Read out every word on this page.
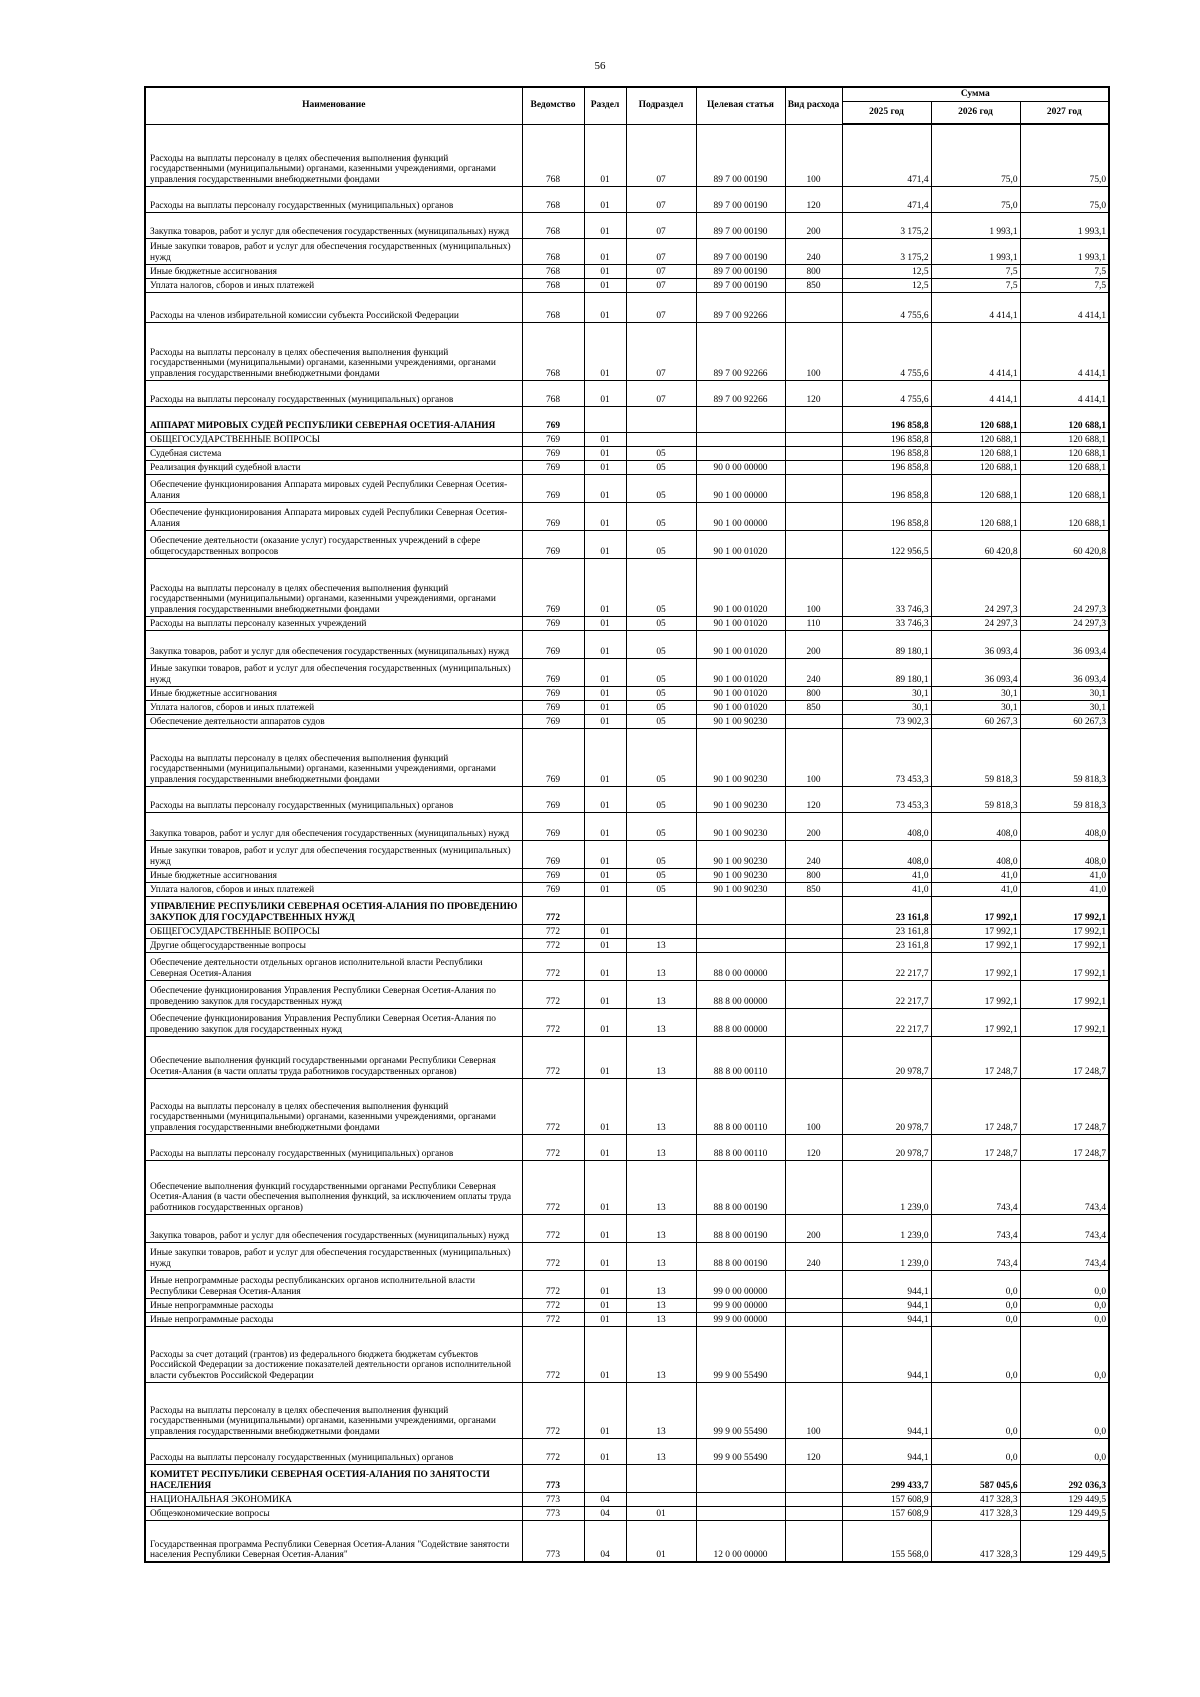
56
Наименование	Ведомство	Раздел	Подраздел	Целевая статья	Вид расхода	Сумма		
						2025 год	2026 год	2027 год
Расходы на выплаты персоналу в целях обеспечения выполнения функций государственными (муниципальными) органами, казенными учреждениями, органами управления государственными внебюджетными фондами	768	01	07	89 7 00 00190	100	471,4	75,0	75,0
Расходы на выплаты персоналу государственных (муниципальных) органов	768	01	07	89 7 00 00190	120	471,4	75,0	75,0
Закупка товаров, работ и услуг для обеспечения государственных (муниципальных) нужд	768	01	07	89 7 00 00190	200	3 175,2	1 993,1	1 993,1
Иные закупки товаров, работ и услуг для обеспечения государственных (муниципальных) нужд	768	01	07	89 7 00 00190	240	3 175,2	1 993,1	1 993,1
Иные бюджетные ассигнования	768	01	07	89 7 00 00190	800	12,5	7,5	7,5
Уплата налогов, сборов и иных платежей	768	01	07	89 7 00 00190	850	12,5	7,5	7,5
Расходы на членов избирательной комиссии субъекта Российской Федерации	768	01	07	89 7 00 92266		4 755,6	4 414,1	4 414,1
Расходы на выплаты персоналу в целях обеспечения выполнения функций государственными (муниципальными) органами, казенными учреждениями, органами управления государственными внебюджетными фондами	768	01	07	89 7 00 92266	100	4 755,6	4 414,1	4 414,1
Расходы на выплаты персоналу государственных (муниципальных) органов	768	01	07	89 7 00 92266	120	4 755,6	4 414,1	4 414,1
АППАРАТ МИРОВЫХ СУДЕЙ РЕСПУБЛИКИ СЕВЕРНАЯ ОСЕТИЯ-АЛАНИЯ	769					196 858,8	120 688,1	120 688,1
ОБЩЕГОСУДАРСТВЕННЫЕ ВОПРОСЫ	769	01				196 858,8	120 688,1	120 688,1
Судебная система	769	01	05			196 858,8	120 688,1	120 688,1
Реализация функций судебной власти	769	01	05	90 0 00 00000		196 858,8	120 688,1	120 688,1
Обеспечение функционирования Аппарата мировых судей Республики Северная Осетия-Алания	769	01	05	90 1 00 00000		196 858,8	120 688,1	120 688,1
Обеспечение функционирования Аппарата мировых судей Республики Северная Осетия-Алания	769	01	05	90 1 00 00000		196 858,8	120 688,1	120 688,1
Обеспечение деятельности (оказание услуг) государственных учреждений в сфере общегосударственных вопросов	769	01	05	90 1 00 01020		122 956,5	60 420,8	60 420,8
Расходы на выплаты персоналу в целях обеспечения выполнения функций государственными (муниципальными) органами, казенными учреждениями, органами управления государственными внебюджетными фондами	769	01	05	90 1 00 01020	100	33 746,3	24 297,3	24 297,3
Расходы на выплаты персоналу казенных учреждений	769	01	05	90 1 00 01020	110	33 746,3	24 297,3	24 297,3
Закупка товаров, работ и услуг для обеспечения государственных (муниципальных) нужд	769	01	05	90 1 00 01020	200	89 180,1	36 093,4	36 093,4
Иные закупки товаров, работ и услуг для обеспечения государственных (муниципальных) нужд	769	01	05	90 1 00 01020	240	89 180,1	36 093,4	36 093,4
Иные бюджетные ассигнования	769	01	05	90 1 00 01020	800	30,1	30,1	30,1
Уплата налогов, сборов и иных платежей	769	01	05	90 1 00 01020	850	30,1	30,1	30,1
Обеспечение деятельности аппаратов судов	769	01	05	90 1 00 90230		73 902,3	60 267,3	60 267,3
Расходы на выплаты персоналу в целях обеспечения выполнения функций государственными (муниципальными) органами, казенными учреждениями, органами управления государственными внебюджетными фондами	769	01	05	90 1 00 90230	100	73 453,3	59 818,3	59 818,3
Расходы на выплаты персоналу государственных (муниципальных) органов	769	01	05	90 1 00 90230	120	73 453,3	59 818,3	59 818,3
Закупка товаров, работ и услуг для обеспечения государственных (муниципальных) нужд	769	01	05	90 1 00 90230	200	408,0	408,0	408,0
Иные закупки товаров, работ и услуг для обеспечения государственных (муниципальных) нужд	769	01	05	90 1 00 90230	240	408,0	408,0	408,0
Иные бюджетные ассигнования	769	01	05	90 1 00 90230	800	41,0	41,0	41,0
Уплата налогов, сборов и иных платежей	769	01	05	90 1 00 90230	850	41,0	41,0	41,0
УПРАВЛЕНИЕ РЕСПУБЛИКИ СЕВЕРНАЯ ОСЕТИЯ-АЛАНИЯ ПО ПРОВЕДЕНИЮ ЗАКУПОК ДЛЯ ГОСУДАРСТВЕННЫХ НУЖД	772					23 161,8	17 992,1	17 992,1
ОБЩЕГОСУДАРСТВЕННЫЕ ВОПРОСЫ	772	01				23 161,8	17 992,1	17 992,1
Другие общегосударственные вопросы	772	01	13			23 161,8	17 992,1	17 992,1
Обеспечение деятельности отдельных органов исполнительной власти Республики Северная Осетия-Алания	772	01	13	88 0 00 00000		22 217,7	17 992,1	17 992,1
Обеспечение функционирования Управления Республики Северная Осетия-Алания по проведению закупок для государственных нужд	772	01	13	88 8 00 00000		22 217,7	17 992,1	17 992,1
Обеспечение функционирования Управления Республики Северная Осетия-Алания по проведению закупок для государственных нужд	772	01	13	88 8 00 00000		22 217,7	17 992,1	17 992,1
Обеспечение выполнения функций государственными органами Республики Северная Осетия-Алания (в части оплаты труда работников государственных органов)	772	01	13	88 8 00 00110		20 978,7	17 248,7	17 248,7
Расходы на выплаты персоналу в целях обеспечения выполнения функций государственными (муниципальными) органами, казенными учреждениями, органами управления государственными внебюджетными фондами	772	01	13	88 8 00 00110	100	20 978,7	17 248,7	17 248,7
Расходы на выплаты персоналу государственных (муниципальных) органов	772	01	13	88 8 00 00110	120	20 978,7	17 248,7	17 248,7
Обеспечение выполнения функций государственными органами Республики Северная Осетия-Алания (в части обеспечения выполнения функций, за исключением оплаты труда работников государственных органов)	772	01	13	88 8 00 00190		1 239,0	743,4	743,4
Закупка товаров, работ и услуг для обеспечения государственных (муниципальных) нужд	772	01	13	88 8 00 00190	200	1 239,0	743,4	743,4
Иные закупки товаров, работ и услуг для обеспечения государственных (муниципальных) нужд	772	01	13	88 8 00 00190	240	1 239,0	743,4	743,4
Иные непрограммные расходы республиканских органов исполнительной власти Республики Северная Осетия-Алания	772	01	13	99 0 00 00000		944,1	0,0	0,0
Иные непрограммные расходы	772	01	13	99 9 00 00000		944,1	0,0	0,0
Иные непрограммные расходы	772	01	13	99 9 00 00000		944,1	0,0	0,0
Расходы за счет дотаций (грантов) из федерального бюджета бюджетам субъектов Российской Федерации за достижение показателей деятельности органов исполнительной власти субъектов Российской Федерации	772	01	13	99 9 00 55490		944,1	0,0	0,0
Расходы на выплаты персоналу в целях обеспечения выполнения функций государственными (муниципальными) органами, казенными учреждениями, органами управления государственными внебюджетными фондами	772	01	13	99 9 00 55490	100	944,1	0,0	0,0
Расходы на выплаты персоналу государственных (муниципальных) органов	772	01	13	99 9 00 55490	120	944,1	0,0	0,0
КОМИТЕТ РЕСПУБЛИКИ СЕВЕРНАЯ ОСЕТИЯ-АЛАНИЯ ПО ЗАНЯТОСТИ НАСЕЛЕНИЯ	773					299 433,7	587 045,6	292 036,3
НАЦИОНАЛЬНАЯ ЭКОНОМИКА	773	04				157 608,9	417 328,3	129 449,5
Общеэкономические вопросы	773	04	01			157 608,9	417 328,3	129 449,5
Государственная программа Республики Северная Осетия-Алания "Содействие занятости населения Республики Северная Осетия-Алания"	773	04	01	12 0 00 00000		155 568,0	417 328,3	129 449,5
